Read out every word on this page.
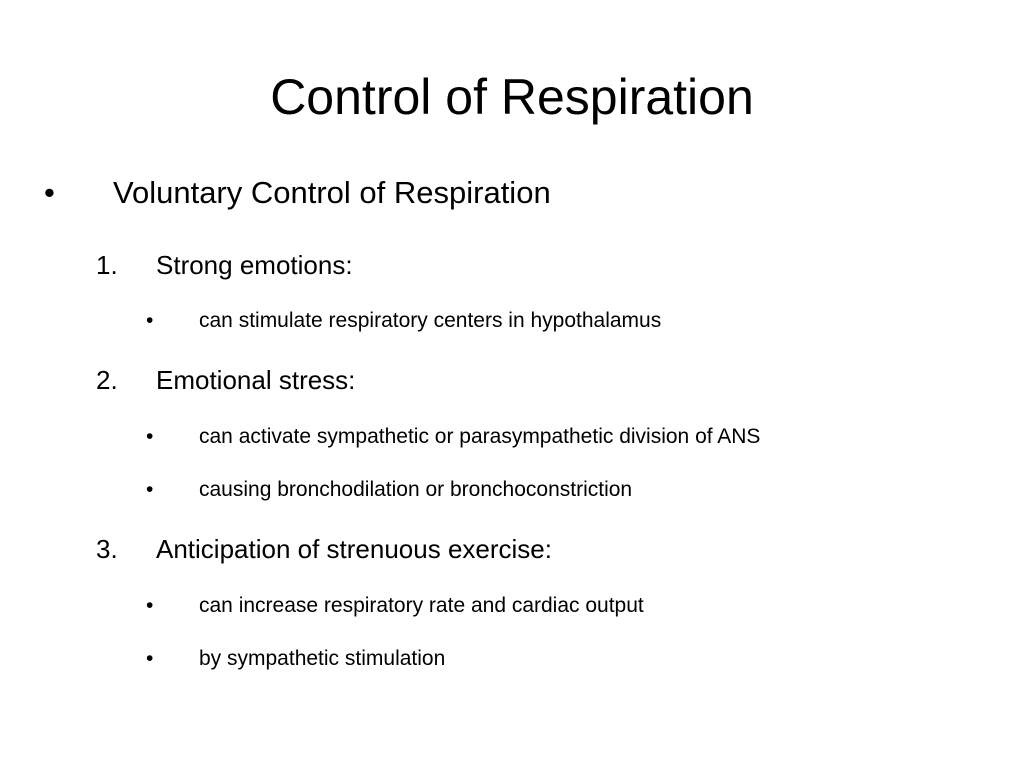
Control of Respiration
• Voluntary Control of Respiration
1. Strong emotions:
• can stimulate respiratory centers in hypothalamus
2. Emotional stress:
• can activate sympathetic or parasympathetic division of ANS
• causing bronchodilation or bronchoconstriction
3. Anticipation of strenuous exercise:
• can increase respiratory rate and cardiac output
• by sympathetic stimulation
